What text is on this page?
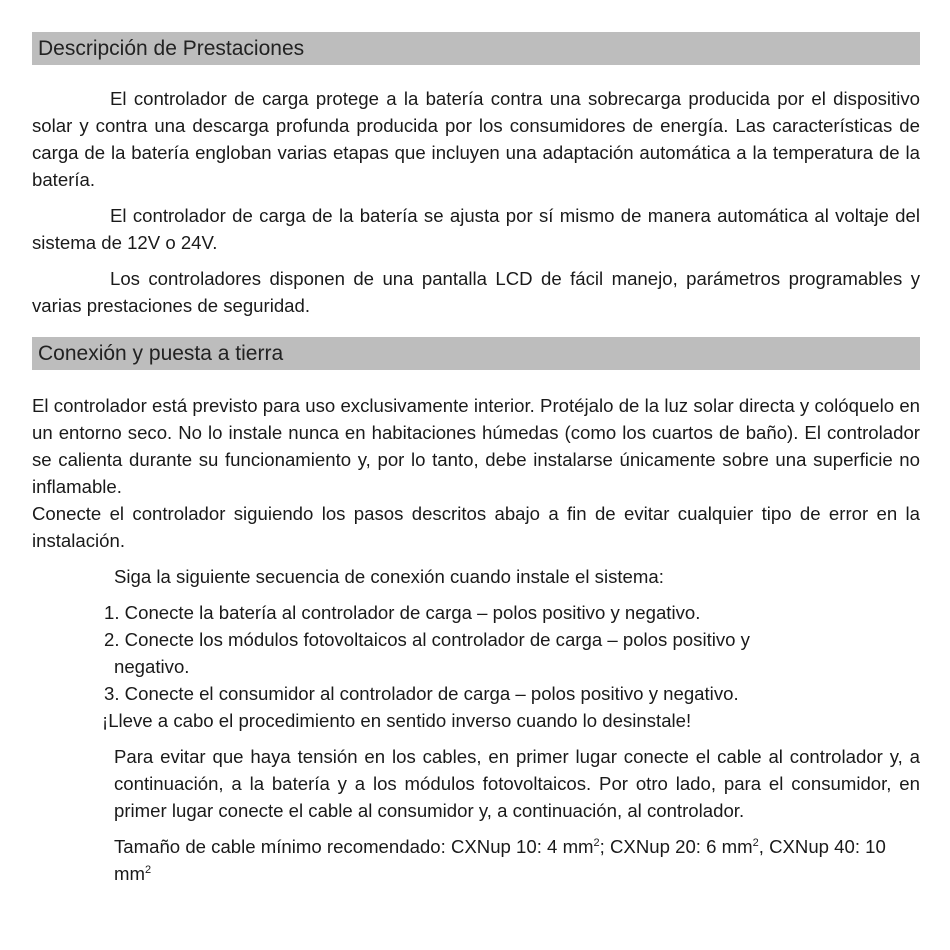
Descripción de Prestaciones

El controlador de carga protege a la batería contra una sobrecarga producida por el dispositivo solar y contra una descarga profunda producida por los consumidores de energía. Las características de carga de la batería engloban varias etapas que incluyen una adaptación automática a la temperatura de la batería.

El controlador de carga de la batería se ajusta por sí mismo de manera automática al voltaje del sistema de 12V o 24V.

Los controladores disponen de una pantalla LCD de fácil manejo, parámetros programables y varias prestaciones de seguridad.

Conexión y puesta a tierra

El controlador está previsto para uso exclusivamente interior. Protéjalo de la luz solar directa y colóquelo en un entorno seco. No lo instale nunca en habitaciones húmedas (como los cuartos de baño). El controlador se calienta durante su funcionamiento y, por lo tanto, debe instalarse únicamente sobre una superficie no inflamable.

Conecte el controlador siguiendo los pasos descritos abajo a fin de evitar cualquier tipo de error en la instalación.

Siga la siguiente secuencia de conexión cuando instale el sistema:

1. Conecte la batería al controlador de carga – polos positivo y negativo.

2. Conecte los módulos fotovoltaicos al controlador de carga – polos positivo y

negativo.

3. Conecte el consumidor al controlador de carga – polos positivo y negativo.

¡Lleve a cabo el procedimiento en sentido inverso cuando lo desinstale!

Para evitar que haya tensión en los cables, en primer lugar conecte el cable al controlador y, a continuación, a la batería y a los módulos fotovoltaicos. Por otro lado, para el consumidor, en primer lugar conecte el cable al consumidor y, a continuación, al controlador.

Tamaño de cable mínimo recomendado: CXNup 10: 4 $mm^2$; CXNup 20: 6 $mm^2$, CXNup 40: 10 $mm^2$
